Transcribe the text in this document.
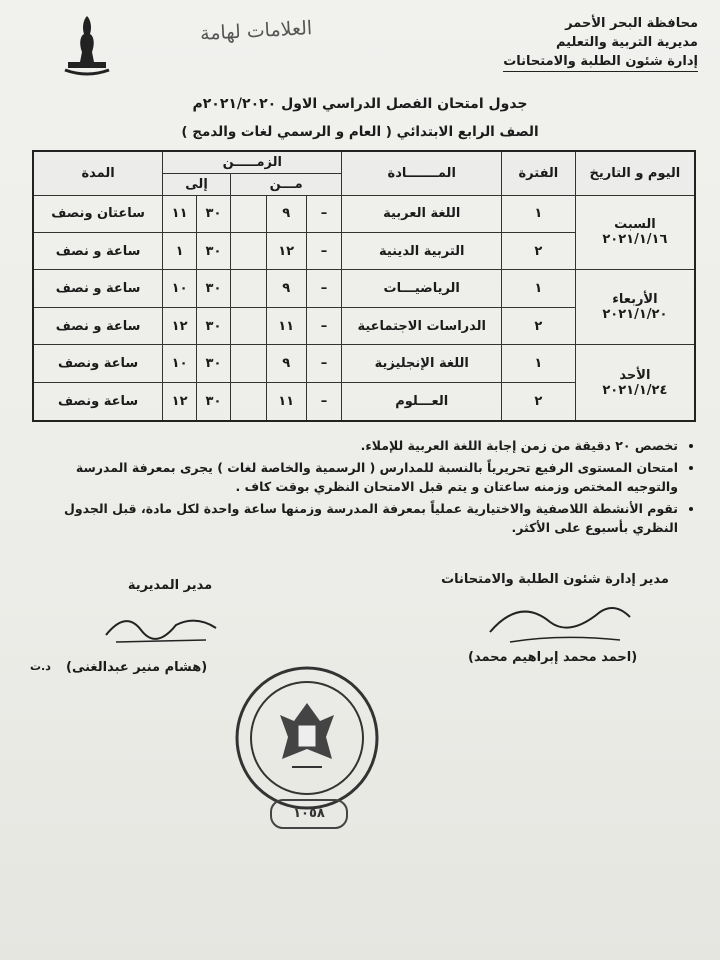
محافظة البحر الأحمر
مديرية التربية والتعليم
إدارة شئون الطلبة والامتحانات
العلامات لهامة
جدول امتحان الفصل الدراسي الاول ٢٠٢١/٢٠٢٠م
الصف الرابع الابتدائي ( العام و الرسمي لغات والدمج )
اليوم و التاريخ	الفترة	المـــــــادة	الزمـــــن					المدة
			مـــن			إلى		

السبت
٢٠٢١/١/١٦	١	اللغة العربية	–	٩		٣٠	١١	ساعتان ونصف
	٢	التربية الدينية	–	١٢		٣٠	١	ساعة و نصف

الأربعاء
٢٠٢١/١/٢٠	١	الرياضيـــات	–	٩		٣٠	١٠	ساعة و نصف
	٢	الدراسات الاجتماعية	–	١١		٣٠	١٢	ساعة و نصف

الأحد
٢٠٢١/١/٢٤	١	اللغة الإنجليزية	–	٩		٣٠	١٠	ساعة ونصف
	٢	العـــلوم	–	١١		٣٠	١٢	ساعة ونصف
• تخصص ٢٠ دقيقة من زمن إجابة اللغة العربية للإملاء.
• امتحان المستوى الرفيع تحريرياً بالنسبة للمدارس ( الرسمية والخاصة لغات ) يجرى بمعرفة المدرسة والتوجيه المختص وزمنه ساعتان و يتم قبل الامتحان النظري بوقت كاف .
• تقوم الأنشطة اللاصفية والاختيارية عملياً بمعرفة المدرسة وزمنها ساعة واحدة لكل مادة، قبل الجدول النظري بأسبوع على الأكثر.
مدير المديرية
(هشام منير عبدالغنى)
د.ت
مدير إدارة شئون الطلبة والامتحانات
(احمد محمد إبراهيم محمد)
١٠٥٨
